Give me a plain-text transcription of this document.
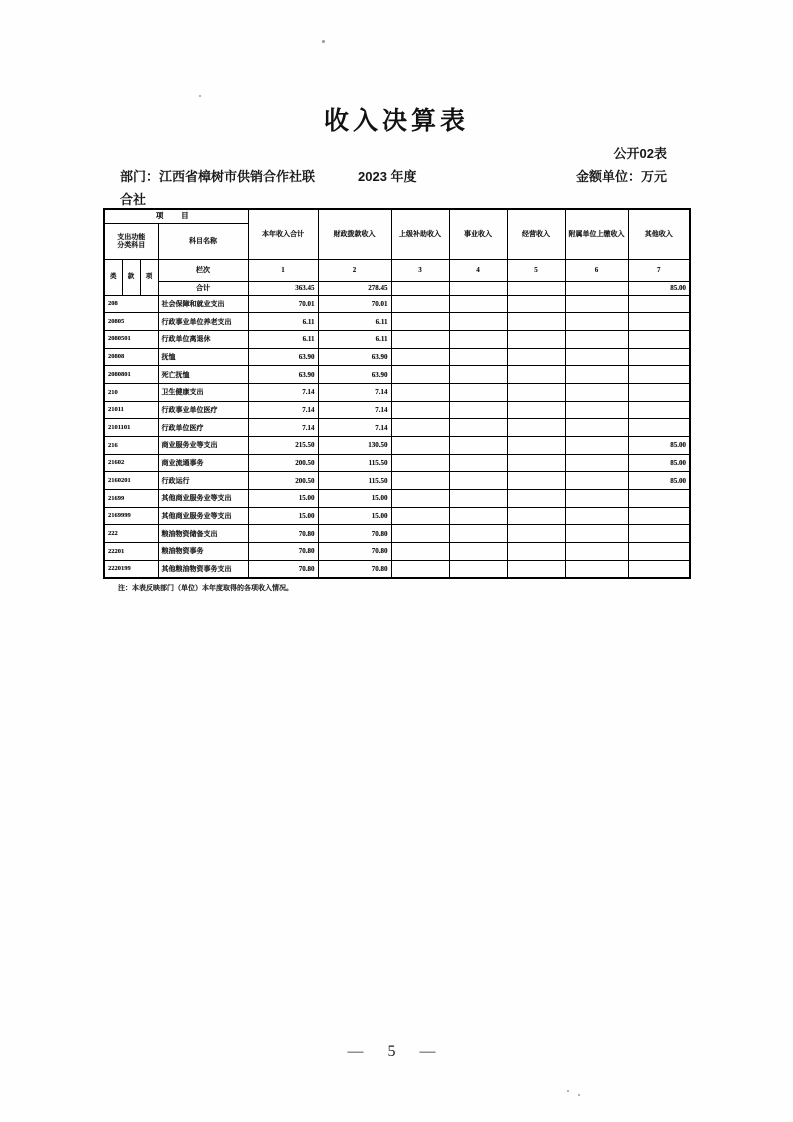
收入决算表
公开02表
部门：江西省樟树市供销合作社联	2023 年度	金额单位：万元
合社
项 目				本年收入合计	财政拨款收入	上级补助收入	事业收入	经营收入	附属单位上缴收入	其他收入

支出功能
分类科目			科目名称							
类	款	项	栏次	1	2	3	4	5	6	7
			合计	363.45	278.45					85.00
208			社会保障和就业支出	70.01	70.01					
20805			行政事业单位养老支出	6.11	6.11					
2080501			行政单位离退休	6.11	6.11					
20808			抚恤	63.90	63.90					
2080801			死亡抚恤	63.90	63.90					
210			卫生健康支出	7.14	7.14					
21011			行政事业单位医疗	7.14	7.14					
2101101			行政单位医疗	7.14	7.14					
216			商业服务业等支出	215.50	130.50					85.00
21602			商业流通事务	200.50	115.50					85.00
2160201			行政运行	200.50	115.50					85.00
21699			其他商业服务业等支出	15.00	15.00					
2169999			其他商业服务业等支出	15.00	15.00					
222			粮油物资储备支出	70.80	70.80					
22201			粮油物资事务	70.80	70.80					
2220199			其他粮油物资事务支出	70.80	70.80					
注：本表反映部门（单位）本年度取得的各项收入情况。
— 5 —
